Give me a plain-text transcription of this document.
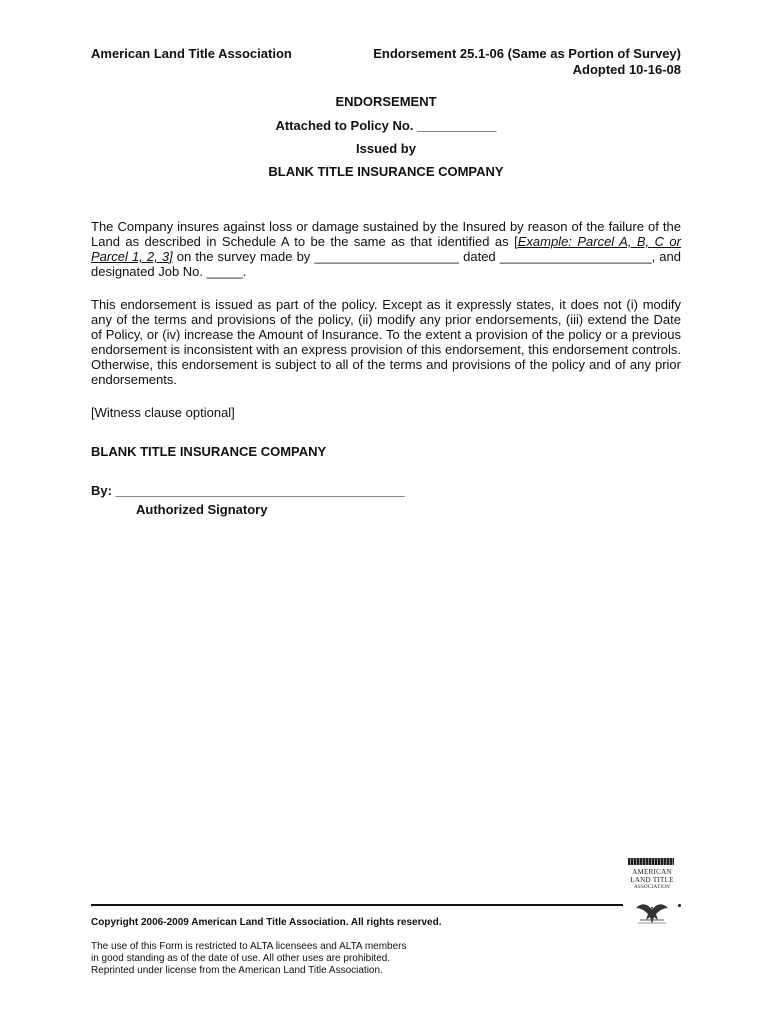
American Land Title Association	Endorsement 25.1-06 (Same as Portion of Survey)
Adopted 10-16-08
ENDORSEMENT
Attached to Policy No. ___________
Issued by
BLANK TITLE INSURANCE COMPANY
The Company insures against loss or damage sustained by the Insured by reason of the failure of the Land as described in Schedule A to be the same as that identified as [Example: Parcel A, B, C or Parcel 1, 2, 3] on the survey made by ____________________ dated _____________________, and designated Job No. _____.
This endorsement is issued as part of the policy. Except as it expressly states, it does not (i) modify any of the terms and provisions of the policy, (ii) modify any prior endorsements, (iii) extend the Date of Policy, or (iv) increase the Amount of Insurance. To the extent a provision of the policy or a previous endorsement is inconsistent with an express provision of this endorsement, this endorsement controls. Otherwise, this endorsement is subject to all of the terms and provisions of the policy and of any prior endorsements.
[Witness clause optional]
BLANK TITLE INSURANCE COMPANY
By: ________________________________________
Authorized Signatory
Copyright 2006-2009 American Land Title Association. All rights reserved.
The use of this Form is restricted to ALTA licensees and ALTA members
in good standing as of the date of use. All other uses are prohibited.
Reprinted under license from the American Land Title Association.
AMERICAN
LAND TITLE
ASSOCIATION
